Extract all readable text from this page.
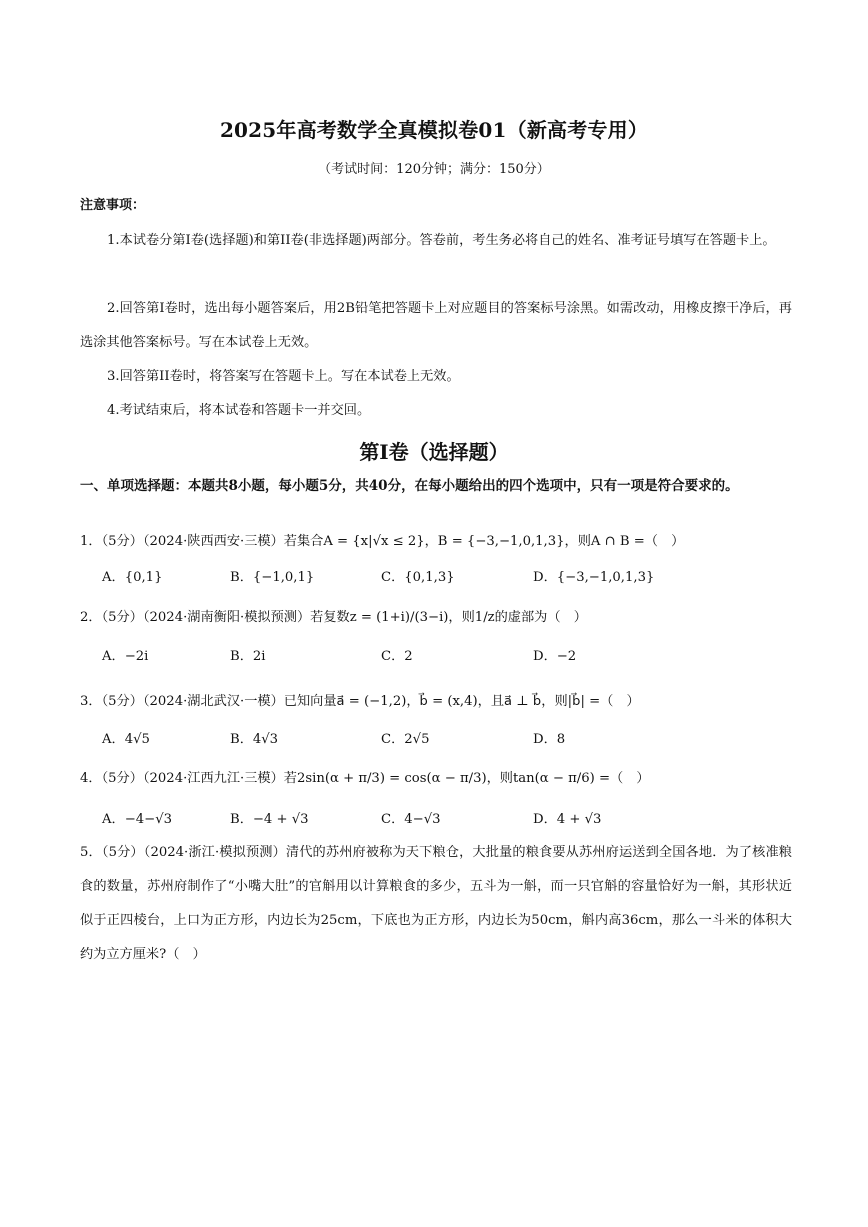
2025年高考数学全真模拟卷01（新高考专用）
（考试时间：120分钟；满分：150分）
注意事项：
1.本试卷分第I卷(选择题)和第II卷(非选择题)两部分。答卷前，考生务必将自己的姓名、准考证号填写在答题卡上。
2.回答第I卷时，选出每小题答案后，用2B铅笔把答题卡上对应题目的答案标号涂黑。如需改动，用橡皮擦干净后，再选涂其他答案标号。写在本试卷上无效。
3.回答第II卷时，将答案写在答题卡上。写在本试卷上无效。
4.考试结束后，将本试卷和答题卡一并交回。
第I卷（选择题）
一、单项选择题：本题共8小题，每小题5分，共40分，在每小题给出的四个选项中，只有一项是符合要求的。
1．（5分）（2024·陕西西安·三模）若集合A = {x|√x ≤ 2}，B = {−3,−1,0,1,3}，则A ∩ B =（　）
A．{0,1}	B．{−1,0,1}	C．{0,1,3}	D．{−3,−1,0,1,3}
2．（5分）（2024·湖南衡阳·模拟预测）若复数z = (1+i)/(3−i)，则1/z的虚部为（　）
A．−2i	B．2i	C．2	D．−2
3．（5分）（2024·湖北武汉·一模）已知向量a⃗ = (−1,2)，b⃗ = (x,4)，且a⃗ ⊥ b⃗，则|b⃗| =（　）
A．4√5	B．4√3	C．2√5	D．8
4．（5分）（2024·江西九江·三模）若2sin(α + π/3) = cos(α − π/3)，则tan(α − π/6) =（　）
A．−4−√3	B．−4 + √3	C．4−√3	D．4 + √3
5．（5分）（2024·浙江·模拟预测）清代的苏州府被称为天下粮仓，大批量的粮食要从苏州府运送到全国各地．为了核准粮食的数量，苏州府制作了“小嘴大肚”的官斛用以计算粮食的多少，五斗为一斛，而一只官斛的容量恰好为一斛，其形状近似于正四棱台，上口为正方形，内边长为25cm，下底也为正方形，内边长为50cm，斛内高36cm，那么一斗米的体积大约为立方厘米?（　）
